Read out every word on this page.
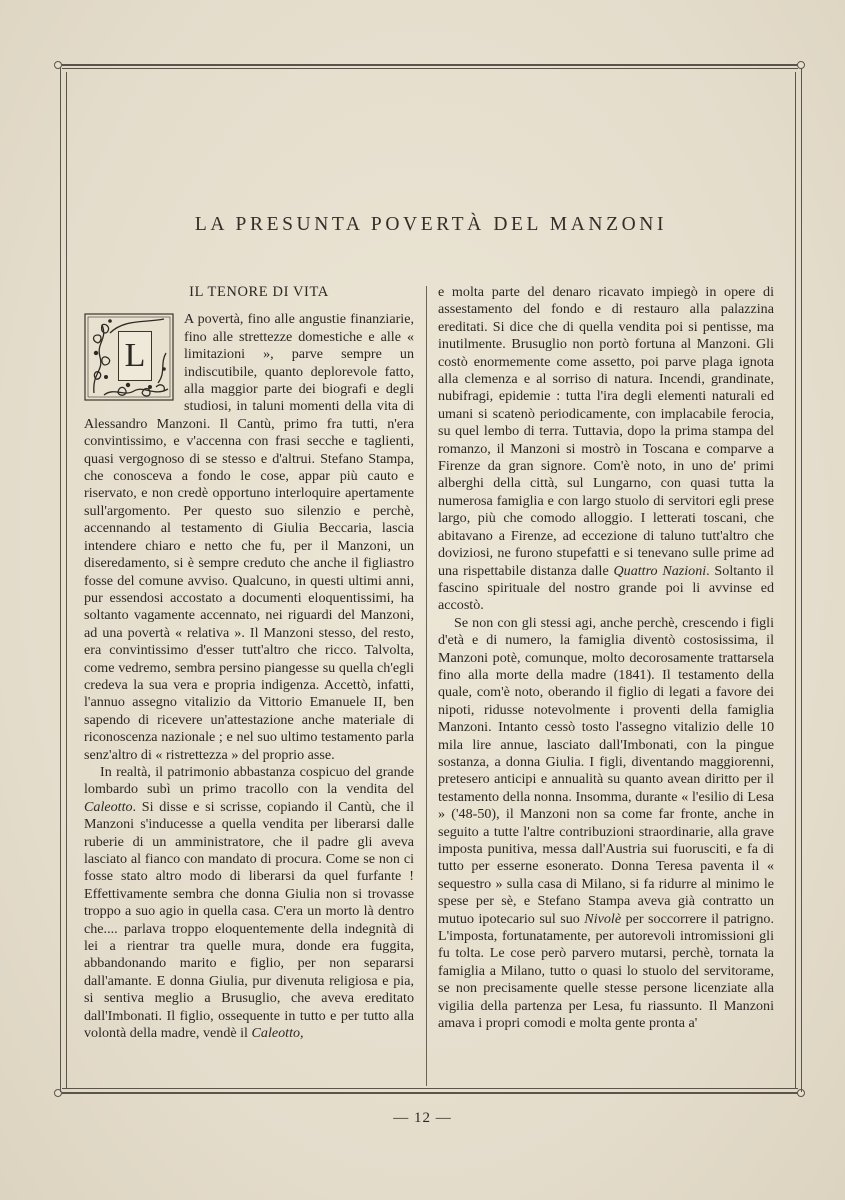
LA PRESUNTA POVERTÀ DEL MANZONI
IL TENORE DI VITA

L
A povertà, fino alle angustie finanziarie, fino alle strettezze domestiche e alle « limitazioni », parve sempre un indiscutibile, quanto deplorevole fatto, alla maggior parte dei biografi e degli studiosi, in taluni momenti della vita di Alessandro Manzoni. Il Cantù, primo fra tutti, n'era convintissimo, e v'accenna con frasi secche e taglienti, quasi vergognoso di se stesso e d'altrui. Stefano Stampa, che conosceva a fondo le cose, appar più cauto e riservato, e non credè opportuno interloquire apertamente sull'argomento. Per questo suo silenzio e perchè, accennando al testamento di Giulia Beccaria, lascia intendere chiaro e netto che fu, per il Manzoni, un diseredamento, si è sempre creduto che anche il figliastro fosse del comune avviso. Qualcuno, in questi ultimi anni, pur essendosi accostato a documenti eloquentissimi, ha soltanto vagamente accennato, nei riguardi del Manzoni, ad una povertà « relativa ». Il Manzoni stesso, del resto, era convintissimo d'esser tutt'altro che ricco. Talvolta, come vedremo, sembra persino piangesse su quella ch'egli credeva la sua vera e propria indigenza. Accettò, infatti, l'annuo assegno vitalizio da Vittorio Emanuele II, ben sapendo di ricevere un'attestazione anche materiale di riconoscenza nazionale ; e nel suo ultimo testamento parla senz'altro di « ristrettezza » del proprio asse.

In realtà, il patrimonio abbastanza cospicuo del grande lombardo subì un primo tracollo con la vendita del Caleotto. Si disse e si scrisse, copiando il Cantù, che il Manzoni s'inducesse a quella vendita per liberarsi dalle ruberie di un amministratore, che il padre gli aveva lasciato al fianco con mandato di procura. Come se non ci fosse stato altro modo di liberarsi da quel furfante ! Effettivamente sembra che donna Giulia non si trovasse troppo a suo agio in quella casa. C'era un morto là dentro che.... parlava troppo eloquentemente della indegnità di lei a rientrar tra quelle mura, donde era fuggita, abbandonando marito e figlio, per non separarsi dall'amante. E donna Giulia, pur divenuta religiosa e pia, si sentiva meglio a Brusuglio, che aveva ereditato dall'Imbonati. Il figlio, ossequente in tutto e per tutto alla volontà della madre, vendè il Caleotto,

e molta parte del denaro ricavato impiegò in opere di assestamento del fondo e di restauro alla palazzina ereditati. Si dice che di quella vendita poi si pentisse, ma inutilmente. Brusuglio non portò fortuna al Manzoni. Gli costò enormemente come assetto, poi parve plaga ignota alla clemenza e al sorriso di natura. Incendi, grandinate, nubifragi, epidemie : tutta l'ira degli elementi naturali ed umani si scatenò periodicamente, con implacabile ferocia, su quel lembo di terra. Tuttavia, dopo la prima stampa del romanzo, il Manzoni si mostrò in Toscana e comparve a Firenze da gran signore. Com'è noto, in uno de' primi alberghi della città, sul Lungarno, con quasi tutta la numerosa famiglia e con largo stuolo di servitori egli prese largo, più che comodo alloggio. I letterati toscani, che abitavano a Firenze, ad eccezione di taluno tutt'altro che doviziosi, ne furono stupefatti e si tenevano sulle prime ad una rispettabile distanza dalle Quattro Nazioni. Soltanto il fascino spirituale del nostro grande poi li avvinse ed accostò.

Se non con gli stessi agi, anche perchè, crescendo i figli d'età e di numero, la famiglia diventò costosissima, il Manzoni potè, comunque, molto decorosamente trattarsela fino alla morte della madre (1841). Il testamento della quale, com'è noto, oberando il figlio di legati a favore dei nipoti, ridusse notevolmente i proventi della famiglia Manzoni. Intanto cessò tosto l'assegno vitalizio delle 10 mila lire annue, lasciato dall'Imbonati, con la pingue sostanza, a donna Giulia. I figli, diventando maggiorenni, pretesero anticipi e annualità su quanto avean diritto per il testamento della nonna. Insomma, durante « l'esilio di Lesa » ('48-50), il Manzoni non sa come far fronte, anche in seguito a tutte l'altre contribuzioni straordinarie, alla grave imposta punitiva, messa dall'Austria sui fuorusciti, e fa di tutto per esserne esonerato. Donna Teresa paventa il « sequestro » sulla casa di Milano, si fa ridurre al minimo le spese per sè, e Stefano Stampa aveva già contratto un mutuo ipotecario sul suo Nivolè per soccorrere il patrigno. L'imposta, fortunatamente, per autorevoli intromissioni gli fu tolta. Le cose però parvero mutarsi, perchè, tornata la famiglia a Milano, tutto o quasi lo stuolo del servitorame, se non precisamente quelle stesse persone licenziate alla vigilia della partenza per Lesa, fu riassunto. Il Manzoni amava i propri comodi e molta gente pronta a'

— 12 —
